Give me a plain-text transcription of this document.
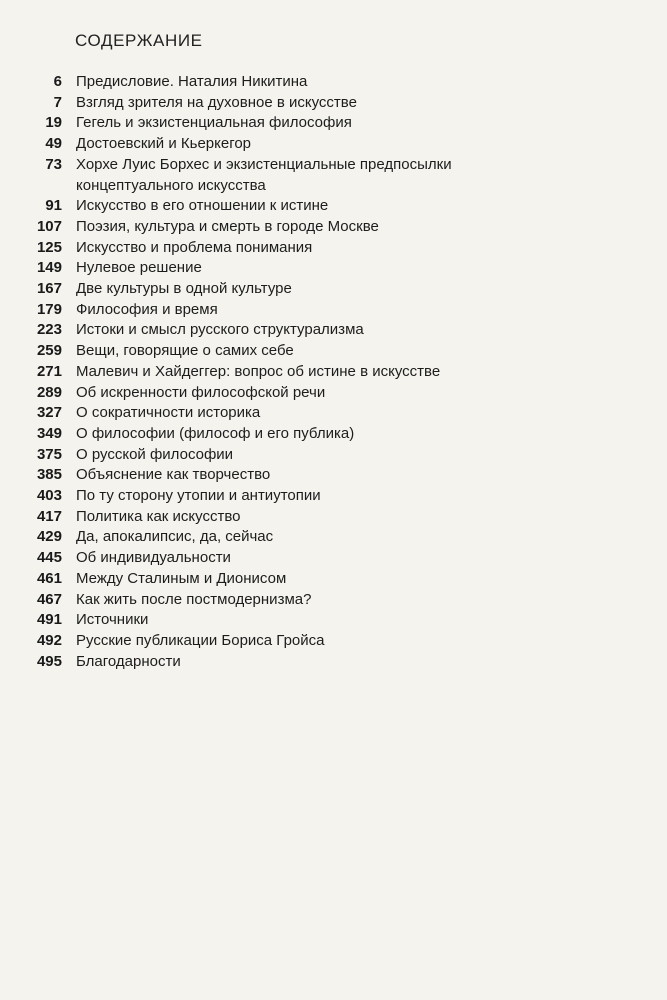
СОДЕРЖАНИЕ
6 Предисловие. Наталия Никитина
7 Взгляд зрителя на духовное в искусстве
19 Гегель и экзистенциальная философия
49 Достоевский и Кьеркегор
73 Хорхе Луис Борхес и экзистенциальные предпосылки концептуального искусства
91 Искусство в его отношении к истине
107 Поэзия, культура и смерть в городе Москве
125 Искусство и проблема понимания
149 Нулевое решение
167 Две культуры в одной культуре
179 Философия и время
223 Истоки и смысл русского структурализма
259 Вещи, говорящие о самих себе
271 Малевич и Хайдеггер: вопрос об истине в искусстве
289 Об искренности философской речи
327 О сократичности историка
349 О философии (философ и его публика)
375 О русской философии
385 Объяснение как творчество
403 По ту сторону утопии и антиутопии
417 Политика как искусство
429 Да, апокалипсис, да, сейчас
445 Об индивидуальности
461 Между Сталиным и Дионисом
467 Как жить после постмодернизма?
491 Источники
492 Русские публикации Бориса Гройса
495 Благодарности
